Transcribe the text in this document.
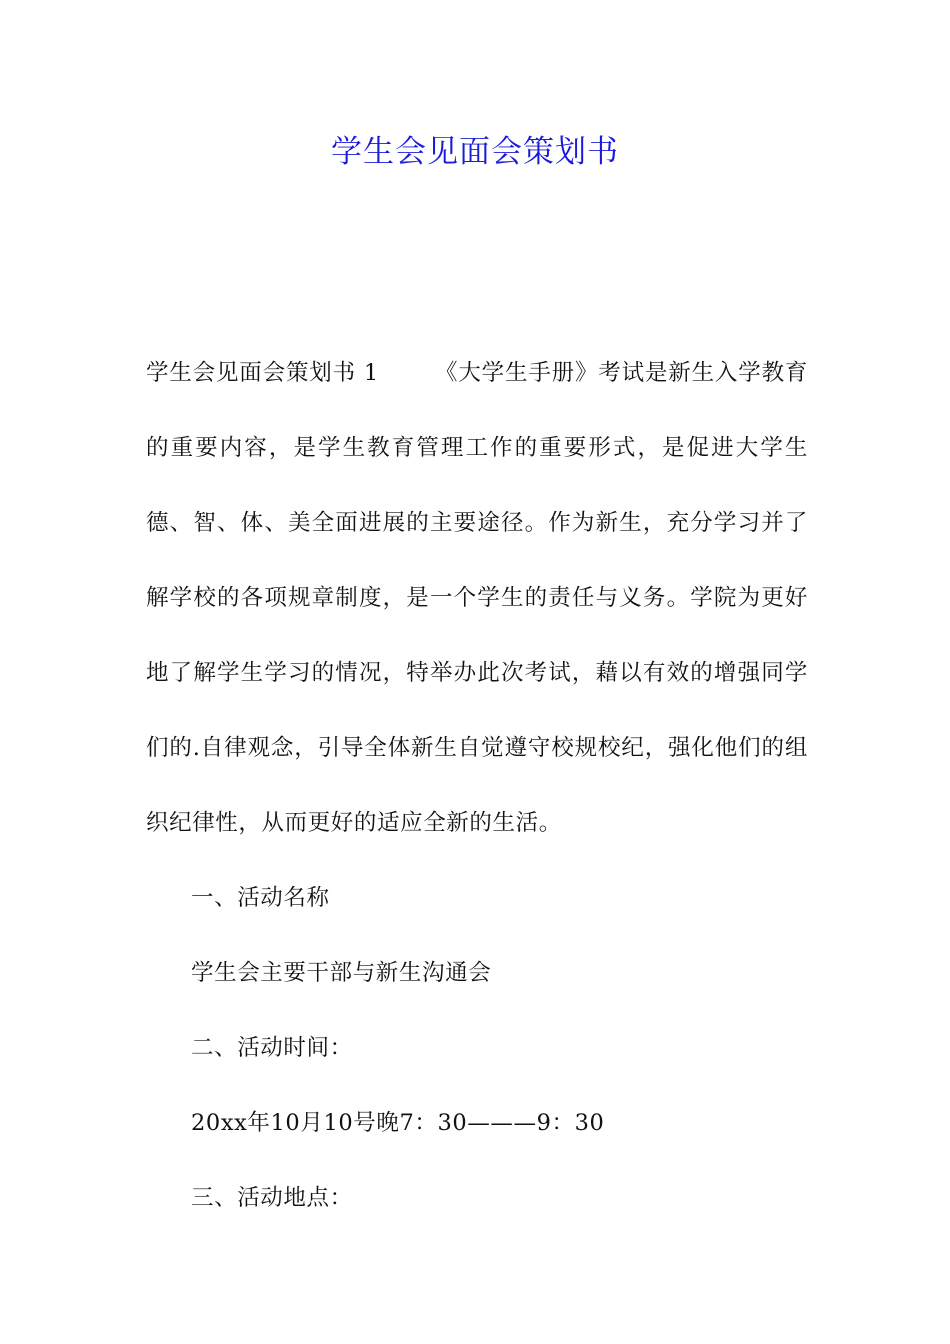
学生会见面会策划书

学生会见面会策划书 1 《大学生手册》考试是新生入学教育的重要内容，是学生教育管理工作的重要形式，是促进大学生德、智、体、美全面进展的主要途径。作为新生，充分学习并了解学校的各项规章制度，是一个学生的责任与义务。学院为更好地了解学生学习的情况，特举办此次考试，藉以有效的增强同学们的.自律观念，引导全体新生自觉遵守校规校纪，强化他们的组织纪律性，从而更好的适应全新的生活。

一、活动名称

学生会主要干部与新生沟通会

二、活动时间：

20xx年10月10号晚7：30———9：30

三、活动地点：
